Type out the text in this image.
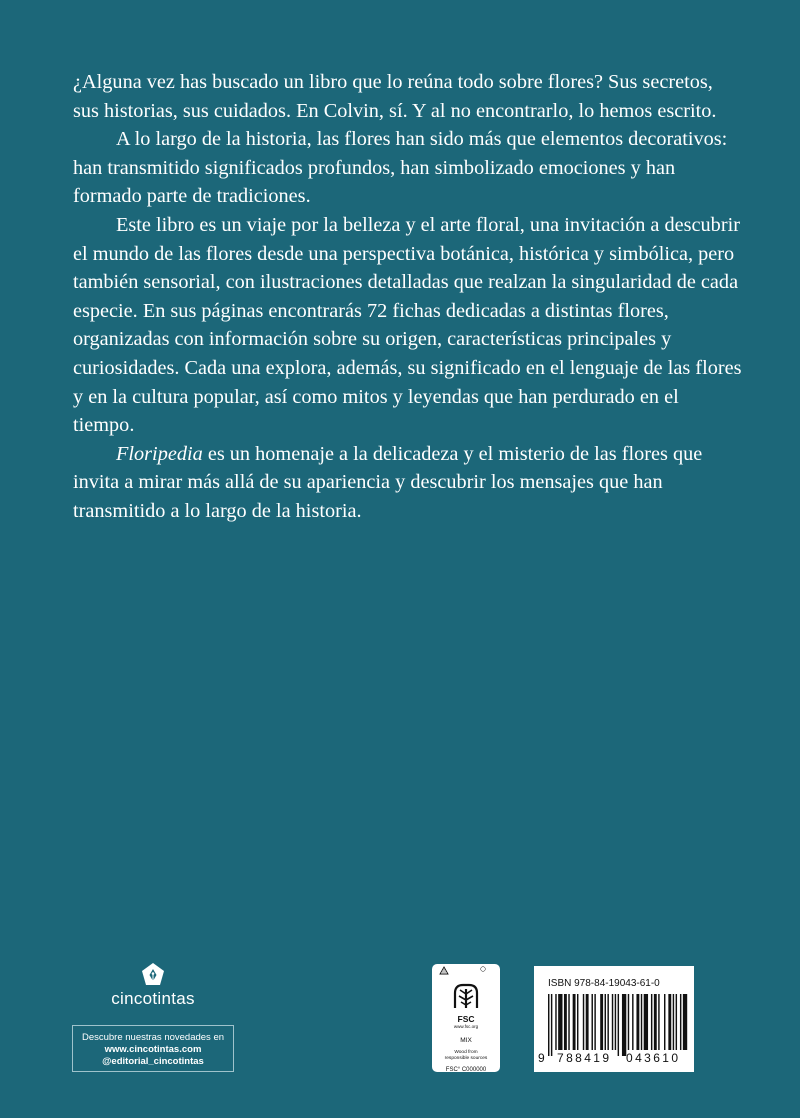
¿Alguna vez has buscado un libro que lo reúna todo sobre flores? Sus secretos, sus historias, sus cuidados. En Colvin, sí. Y al no encontrarlo, lo hemos escrito.

A lo largo de la historia, las flores han sido más que elementos decorativos: han transmitido significados profundos, han simbolizado emociones y han formado parte de tradiciones.

Este libro es un viaje por la belleza y el arte floral, una invitación a descubrir el mundo de las flores desde una perspectiva botánica, histórica y simbólica, pero también sensorial, con ilustraciones detalladas que realzan la singularidad de cada especie. En sus páginas encontrarás 72 fichas dedicadas a distintas flores, organizadas con información sobre su origen, características principales y curiosidades. Cada una explora, además, su significado en el lenguaje de las flores y en la cultura popular, así como mitos y leyendas que han perdurado en el tiempo.

Floripedia es un homenaje a la delicadeza y el misterio de las flores que invita a mirar más allá de su apariencia y descubrir los mensajes que han transmitido a lo largo de la historia.

cincotintas
Descubre nuestras novedades en
www.cincotintas.com
@editorial_cincotintas

FSC
www.fsc.org
MIX
Wood from
responsible sources
FSC° C000000
ISBN 978-84-19043-61-0
9 788419 043610
